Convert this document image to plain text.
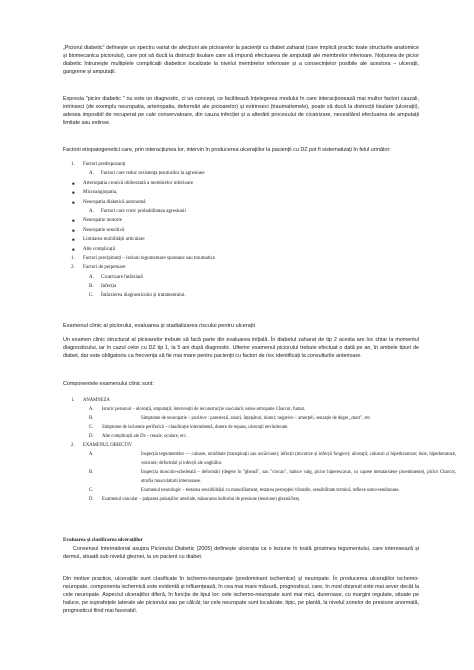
„Piciorul diabetic” definește un spectru variat de afecțiuni ale picioarelor la pacienții cu diabet zaharat (care implică practic toate structurile anatomice și biomecanica piciorului), care pot să ducă la distrucții tisulare care să impună efectuarea de amputații ale membrelor inferioare. Noțiunea de picior diabetic întrunește multiplele complicații diabetice localizate la nivelul membrelor inferioare și a consecințelor posibile ale acestora – ulcerații, gangrene și amputații.

Expresia "picior diabetic " nu este un diagnostic, ci un concept, ce facilitează înțelegerea modului în care interacționează mai multor factori cauzali, intrinseci (de exemplu neuropatia, arteriopatia, deformări ale picioarelor) și extrinseci (traumatismele), poate să ducă la distrucții tisulare (ulcerații), adesea imposibil de recuperat pe cale conservatoare, din cauza infecției și a alterării procesului de cicatrizare, necesitând efectuarea de amputații limitate sau extinse.

Factorii etiopatogenetici care, prin interacțiunea lor, intervin în producerea ulcerațiilor la pacienții cu DZ pot fi sistematizați în felul următor:

1. Factori predispozanți
A. Factori care reduc rezistența țesuturilor la agresiune
■ Arteriopatia cronică obliterantă a membrelor inferioare
■ Microangiopatia,
■ Neuropatia diabetică autonomă
A. Factori care cresc probabilitatea agresiunii
■ Neuropatie motorie
■ Neuropatie senzitivă
■ Limitarea mobilității articulare
■ Alte complicații
1. Factori precipitanți – leziuni tegumentare spontane sau traumatice
2. Factori de perpetuare
A. Cicatrizare întârziată
B. Infecția
C. Întârzierea diagnosticului și tratamentului.

Examenul clinic al piciorului, evaluarea și stadializarea riscului pentru ulcerații

Un examen clinic structurat al picioarelor trebuie să facă parte din evaluarea inițială. În diabetul zaharat de tip 2 acesta are loc chiar la momentul diagnosticului, iar în cazul celor cu DZ tip 1, la 5 ani după diagnostic. Ulterior examenul piciorului trebuie efectuat o dată pe an, în ambele tipuri de diabet, dar este obligatoriu ca frecvența să fie mai mare pentru pacienții cu factori de risc identificați la consulturile anterioare.

Componentele examenului clinic sunt:

1. ANAMNEZA
A. Istoric personal – ulcerații, amputații; intervenții de reconstrucție vasculară; osteo-artropatie Charcot, fumat.
B.	Simptome de neuropatie – pozitive : parestezii, arsuri, înțepături, dureri; negative – amorțeli, senzație de deget „mort", etc.
C. Simptome de ischemie periferică – claudicație intermitentă, durere de repaus, ulcerații nevindecate.
D. Alte complicații ale Dz – renale, oculare, etc.
2. EXAMENUL OBIECTIV
A.	Inspecția tegumentelor — culoare, umiditate (transpirații sau uscăciune); infecții (micotice și infecții fungice); ulcerații; calusuri și hiperkeratoze; bule, hiperkeratoze, vezicule; deformări și infecții ale unghiilor.
B.	Inspecția musculo-scheletală – deformări (degete în "gheară", sau "ciocan", haluce valg, picior hiperescavat, cu capete metatarsiene proeminente), picior Charcot, atrofia musculaturii interosoase.
C.	Examenul neurologic – testarea sensibilității cu monofilament, testarea percepției vibratile, sensibilitate termică, reflexe osteo-tendinoase.
D. Examenul vascular – palparea pulsațiilor arteriale, măsurarea indicelui de presiune (tensiune) gleznă/braț.

Evaluarea și clasificarea ulcerațiilor

Consensul International asupra Piciorului Diabetic (2005) definește ulcerația ca o leziune în toată grosimea tegumentului, care interesează și dermul, situată sub nivelul gleznei, la un pacient cu diabet.

Din motive practice, ulcerațiile sunt clasificate în ischemo-neuropate (predominant ischemice) și neuropate. În producerea ulcerațiilor ischemo-neuropate, componenta ischemică este evidentă și influențează, în cea mai mare măsură, prognosticul, care, în mod obișnuit este mai sever decât la cele neuropate. Aspectul ulcerațiilor diferă, în funcție de tipul lor: cele ischemo-neuropate sunt mai mici, dureroase, cu margini regulate, situate pe haluce, pe suprafețele laterale ale piciorului sau pe călcâi; iar cele neuropate sunt localizate, tipic, pe plantă, la nivelul zonelor de presiune anormală, prognosticul fiind mai favorabil.
